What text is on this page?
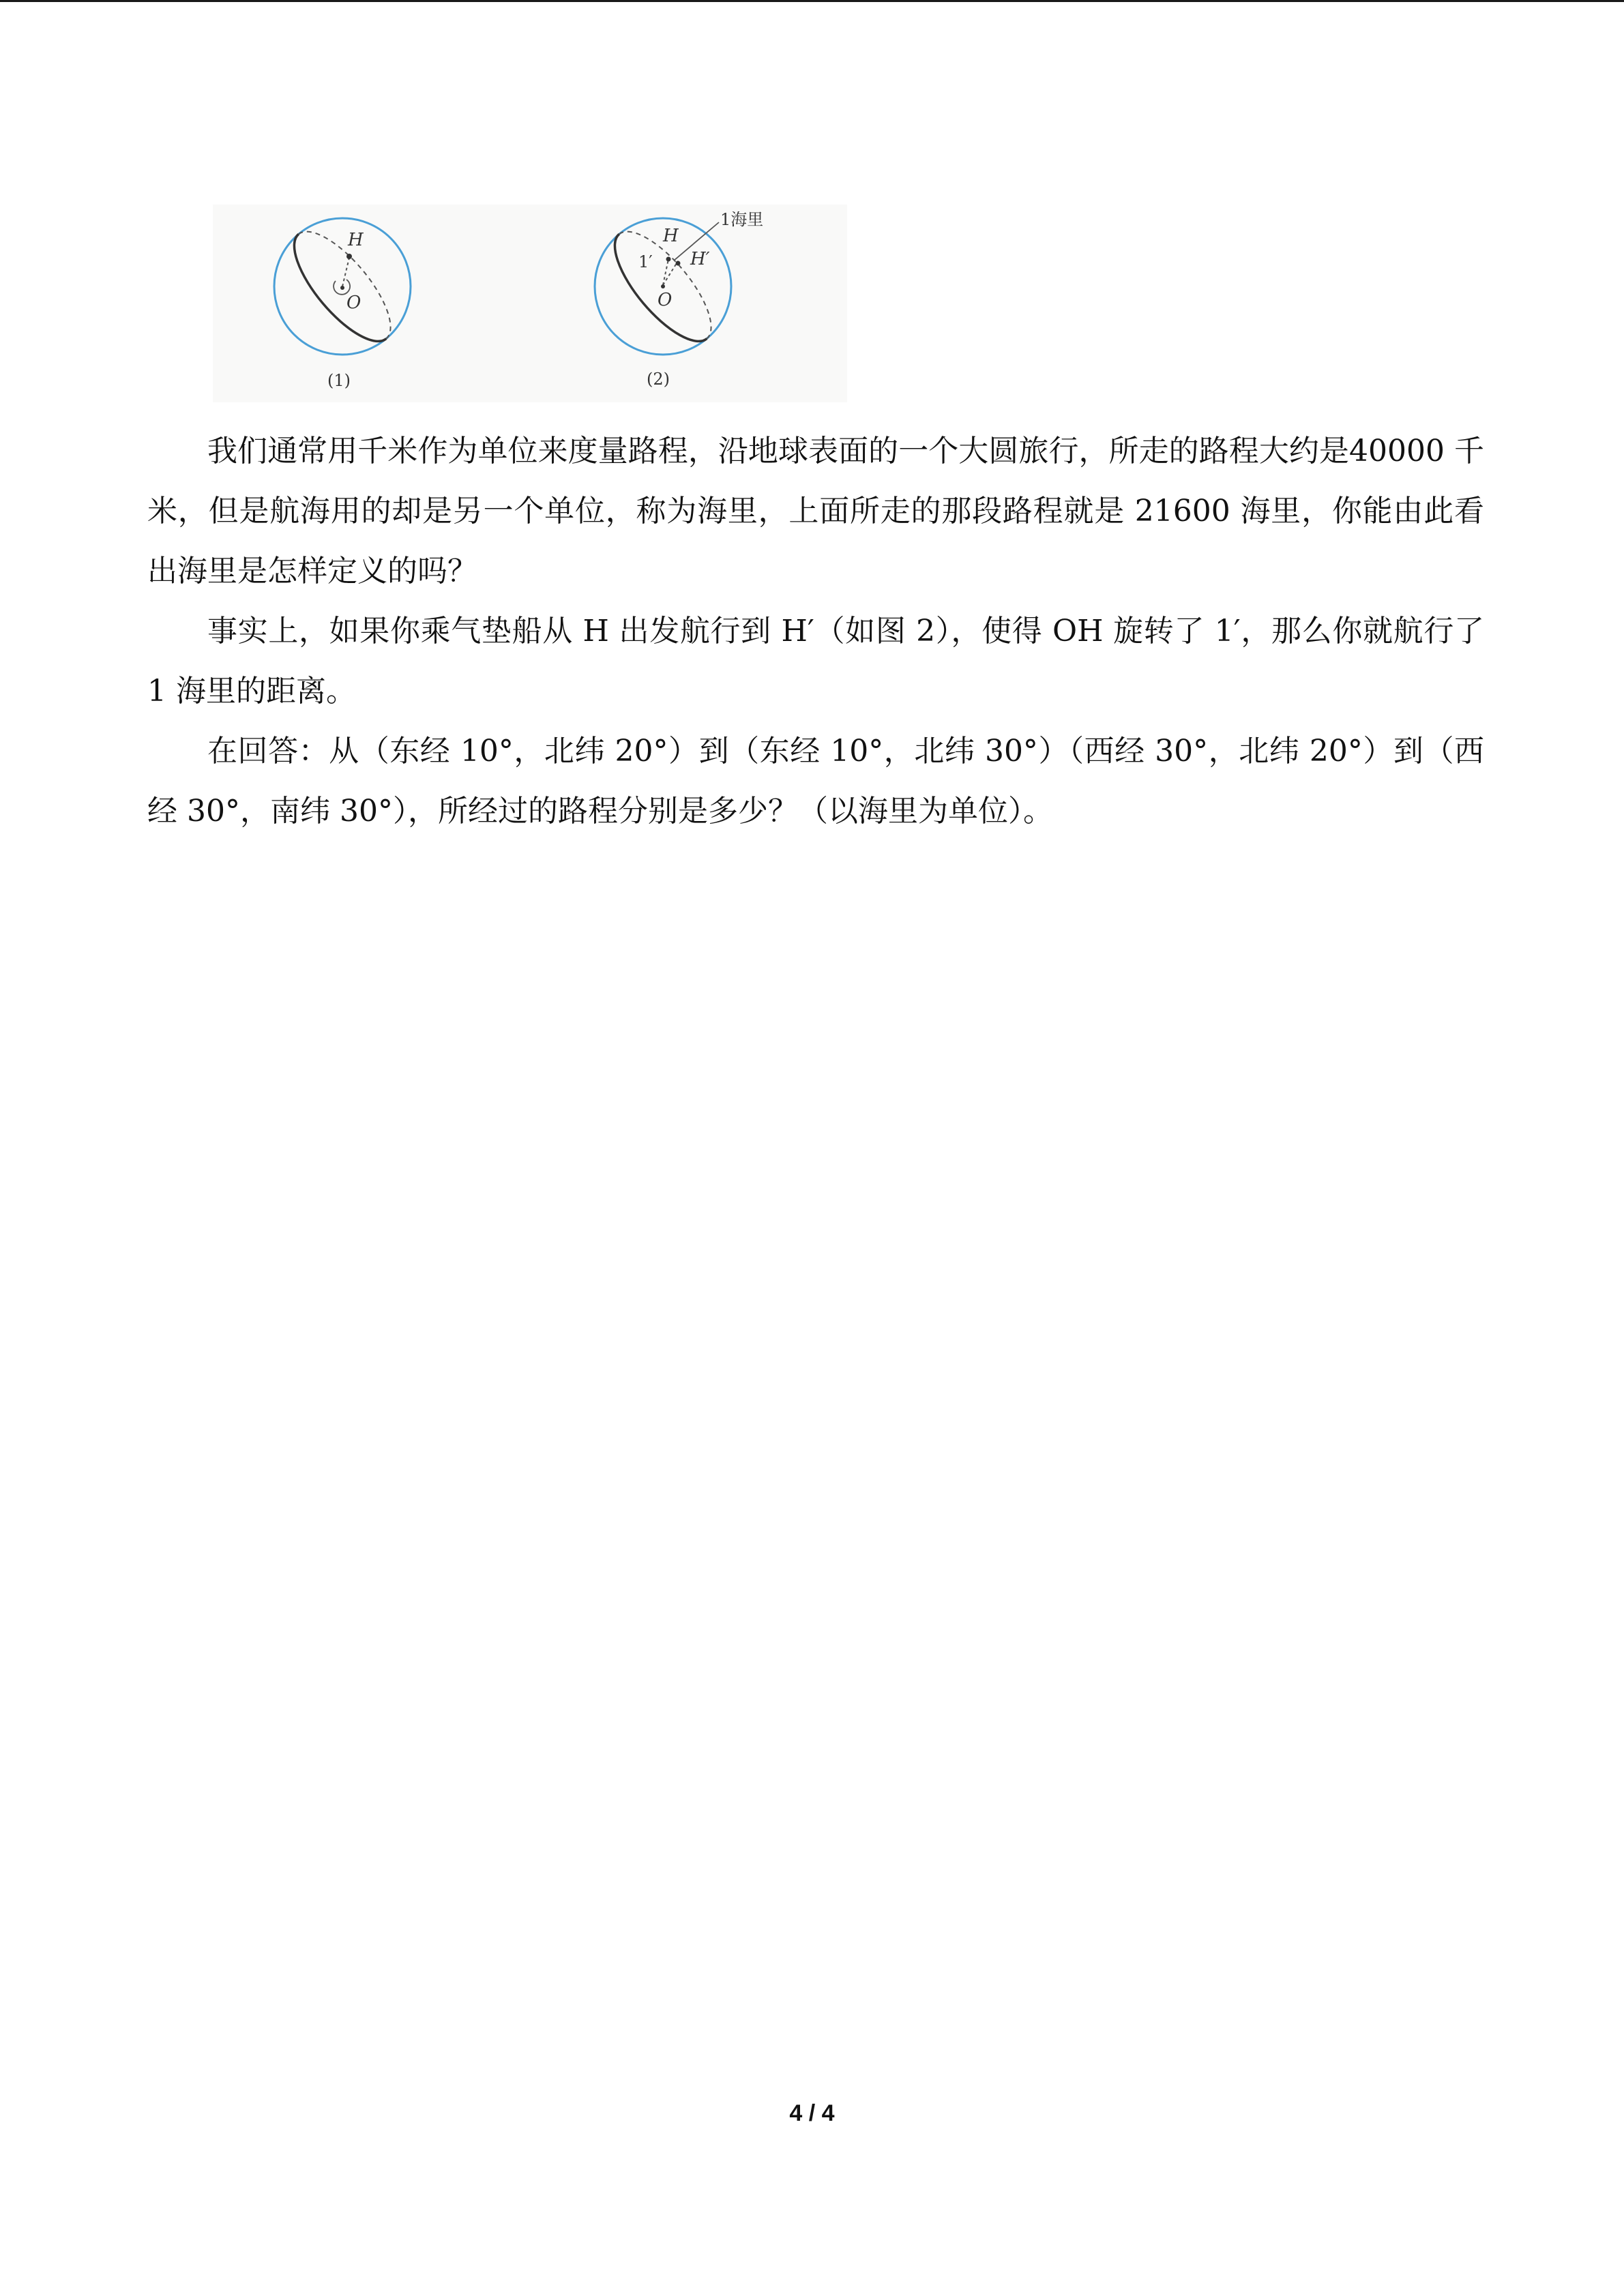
H
O
(1)
1海里
H
H′
1′
O
(2)

我们通常用千米作为单位来度量路程，沿地球表面的一个大圆旅行，所走的路程大约是40000 千米，但是航海用的却是另一个单位，称为海里，上面所走的那段路程就是 21600 海里，你能由此看出海里是怎样定义的吗？

事实上，如果你乘气垫船从 H 出发航行到 H′（如图 2），使得 OH 旋转了 1′，那么你就航行了 1 海里的距离。

在回答：从（东经 10°，北纬 20°）到（东经 10°，北纬 30°）（西经 30°，北纬 20°）到（西经 30°，南纬 30°），所经过的路程分别是多少？（以海里为单位）。

4 / 4
